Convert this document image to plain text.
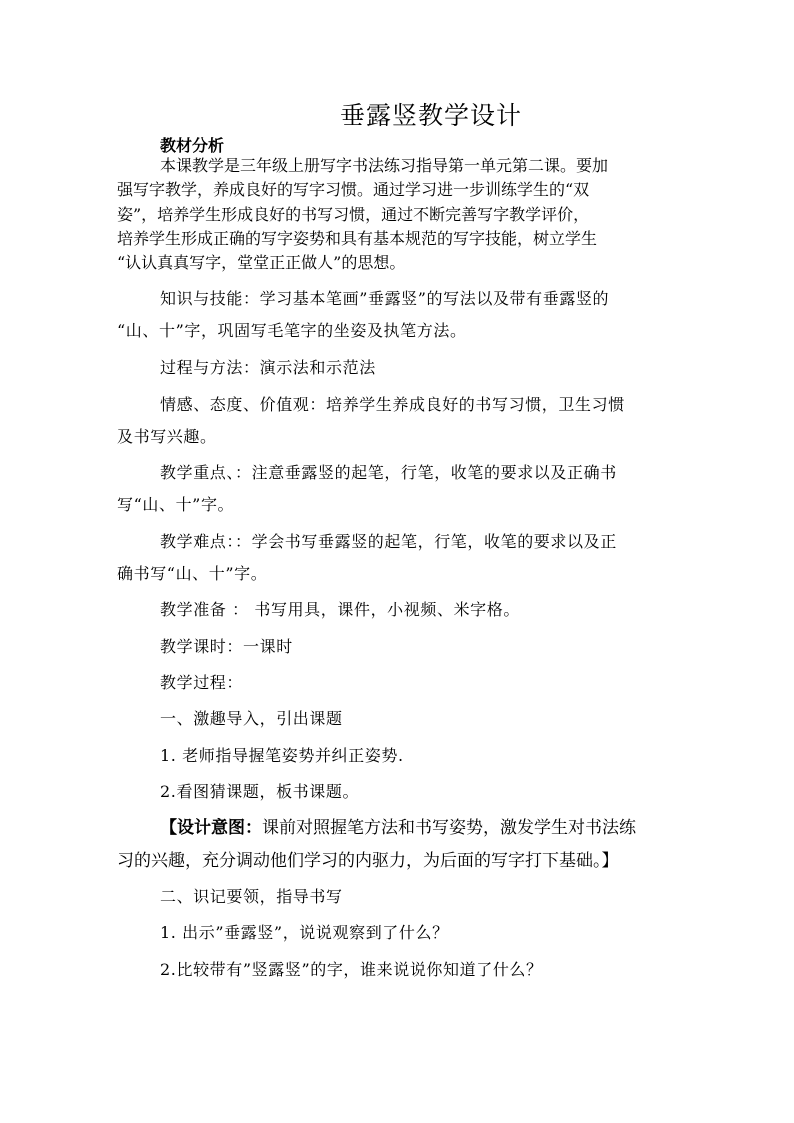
垂露竖教学设计
教材分析
本课教学是三年级上册写字书法练习指导第一单元第二课。要加
强写字教学，养成良好的写字习惯。通过学习进一步训练学生的“双
姿”，培养学生形成良好的书写习惯，通过不断完善写字教学评价，
培养学生形成正确的写字姿势和具有基本规范的写字技能，树立学生
“认认真真写字，堂堂正正做人”的思想。
知识与技能：学习基本笔画”垂露竖”的写法以及带有垂露竖的
“山、十”字，巩固写毛笔字的坐姿及执笔方法。
过程与方法：演示法和示范法
情感、态度、价值观：培养学生养成良好的书写习惯，卫生习惯
及书写兴趣。
教学重点、：注意垂露竖的起笔，行笔，收笔的要求以及正确书
写“山、十”字。
教学难点：：学会书写垂露竖的起笔，行笔，收笔的要求以及正
确书写“山、十”字。
教学准备 ： 书写用具，课件，小视频、米字格。
教学课时：一课时
教学过程：
一、激趣导入，引出课题
1. 老师指导握笔姿势并纠正姿势.
2.看图猜课题，板书课题。
【设计意图：课前对照握笔方法和书写姿势，激发学生对书法练
习的兴趣，充分调动他们学习的内驱力，为后面的写字打下基础。】
二、识记要领，指导书写
1. 出示”垂露竖”，说说观察到了什么？
2.比较带有”竖露竖”的字，谁来说说你知道了什么？
